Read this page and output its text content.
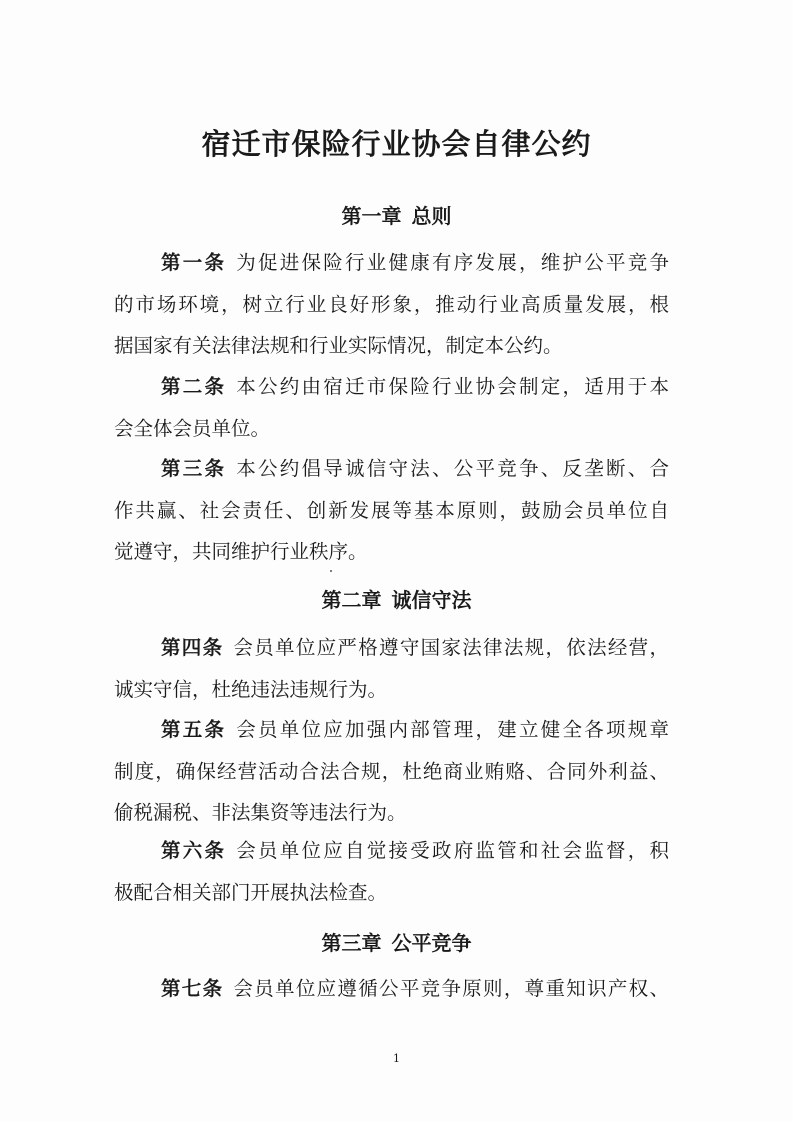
宿迁市保险行业协会自律公约
第一章 总则
第一条 为促进保险行业健康有序发展，维护公平竞争
的市场环境，树立行业良好形象，推动行业高质量发展，根
据国家有关法律法规和行业实际情况，制定本公约。
第二条 本公约由宿迁市保险行业协会制定，适用于本
会全体会员单位。
第三条 本公约倡导诚信守法、公平竞争、反垄断、合
作共赢、社会责任、创新发展等基本原则，鼓励会员单位自
觉遵守，共同维护行业秩序。
第二章 诚信守法
第四条 会员单位应严格遵守国家法律法规，依法经营，
诚实守信，杜绝违法违规行为。
第五条 会员单位应加强内部管理，建立健全各项规章
制度，确保经营活动合法合规，杜绝商业贿赂、合同外利益、
偷税漏税、非法集资等违法行为。
第六条 会员单位应自觉接受政府监管和社会监督，积
极配合相关部门开展执法检查。
第三章 公平竞争
第七条 会员单位应遵循公平竞争原则，尊重知识产权、

1
